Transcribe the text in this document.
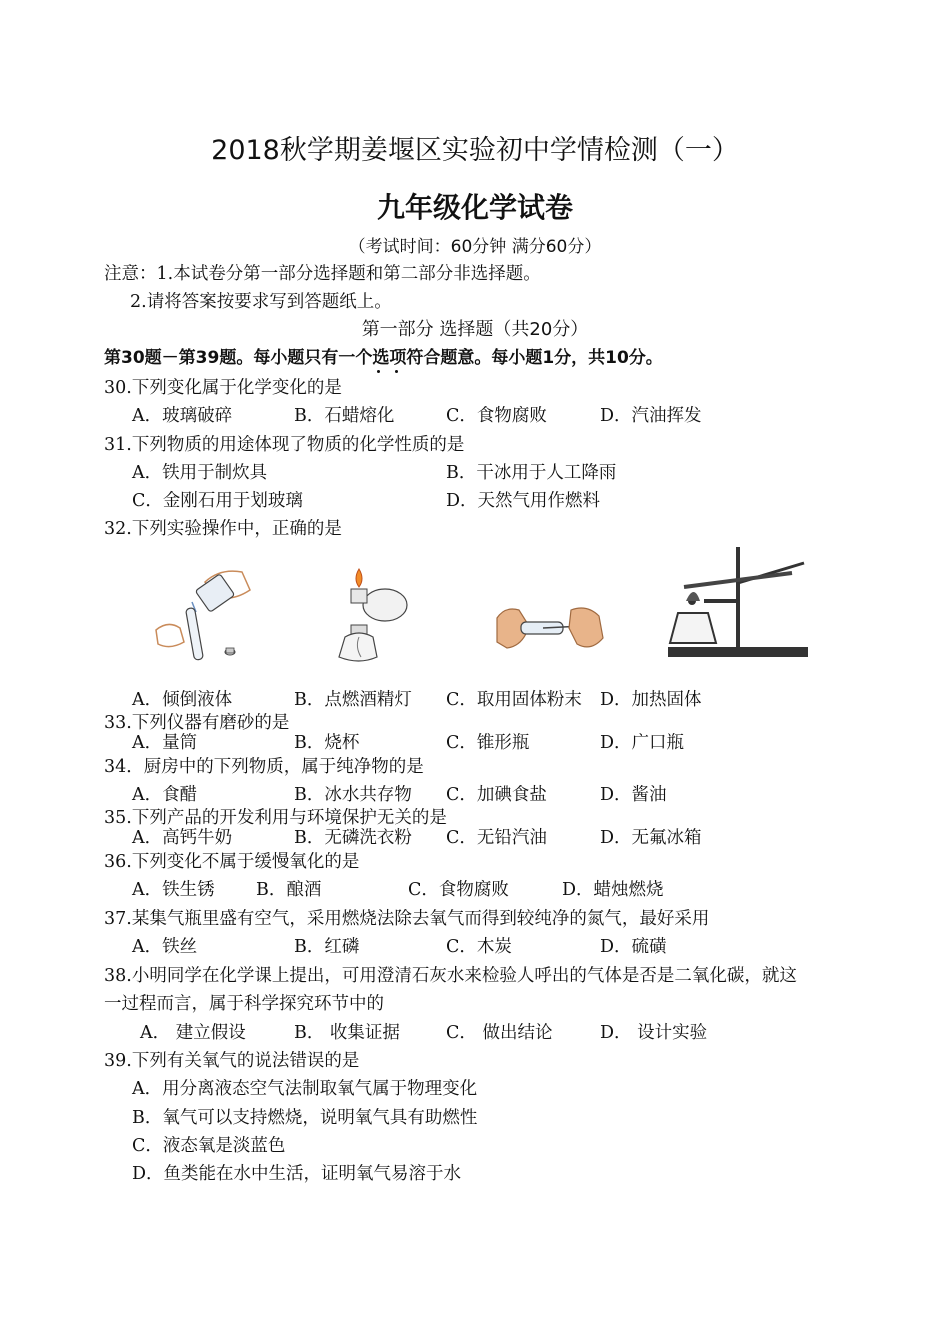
2018秋学期姜堰区实验初中学情检测（一）
九年级化学试卷
（考试时间：60分钟 满分60分）
注意：1.本试卷分第一部分选择题和第二部分非选择题。
2.请将答案按要求写到答题纸上。
第一部分 选择题（共20分）
第30题－第39题。每小题只有一个选项符合题意。每小题1分，共10分。
30.下列变化属于化学变化的是
A．玻璃破碎	B．石蜡熔化	C．食物腐败	D．汽油挥发
31.下列物质的用途体现了物质的化学性质的是
A．铁用于制炊具	B．干冰用于人工降雨
C．金刚石用于划玻璃	D．天然气用作燃料
32.下列实验操作中，正确的是
A．倾倒液体	B．点燃酒精灯 C．取用固体粉末 D．加热固体
33.下列仪器有磨砂的是
A．量筒	B．烧杯	C．锥形瓶	D．广口瓶
34．厨房中的下列物质，属于纯净物的是
A．食醋	B．冰水共存物 C．加碘食盐	D．酱油
35.下列产品的开发利用与环境保护无关的是
A．高钙牛奶	B．无磷洗衣粉 C．无铅汽油	D．无氟冰箱
36.下列变化不属于缓慢氧化的是
A．铁生锈 B．酿酒	C．食物腐败	D．蜡烛燃烧
37.某集气瓶里盛有空气，采用燃烧法除去氧气而得到较纯净的氮气，最好采用
A．铁丝	B．红磷	C．木炭	D．硫磺
38.小明同学在化学课上提出，可用澄清石灰水来检验人呼出的气体是否是二氧化碳，就这
一过程而言，属于科学探究环节中的
A． 建立假设	B． 收集证据	C． 做出结论	D． 设计实验
39.下列有关氧气的说法错误的是
A．用分离液态空气法制取氧气属于物理变化
B．氧气可以支持燃烧，说明氧气具有助燃性
C．液态氧是淡蓝色
D．鱼类能在水中生活，证明氧气易溶于水
